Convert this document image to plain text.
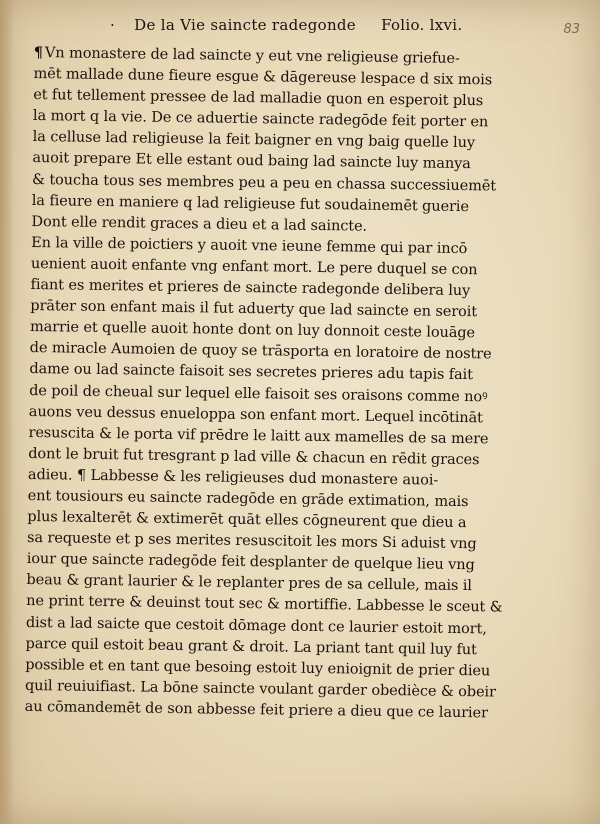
83
· De la Vie saincte radegonde Folio. lxvi.
¶ Vn monastere de lad saincte y eut vne religieuse griefue-
mēt mallade dune fieure esgue & dāgereuse lespace d six mois
et fut tellement pressee de lad malladie quon en esperoit plus
la mort q la vie. De ce aduertie saincte radegōde feit porter en
la celluse lad religieuse la feit baigner en vng baig quelle luy
auoit prepare Et elle estant oud baing lad saincte luy manya
& toucha tous ses membres peu a peu en chassa successiuemēt
la fieure en maniere q lad religieuse fut soudainemēt guerie
Dont elle rendit graces a dieu et a lad saincte.
En la ville de poictiers y auoit vne ieune femme qui par incō
uenient auoit enfante vng enfant mort. Le pere duquel se con
fiant es merites et prieres de saincte radegonde delibera luy
prāter son enfant mais il fut aduerty que lad saincte en seroit
marrie et quelle auoit honte dont on luy donnoit ceste louāge
de miracle Aumoien de quoy se trāsporta en loratoire de nostre
dame ou lad saincte faisoit ses secretes prieres adu tapis fait
de poil de cheual sur lequel elle faisoit ses oraisons comme noꝰ
auons veu dessus enueloppa son enfant mort. Lequel incōtināt
resuscita & le porta vif prēdre le laitt aux mamelles de sa mere
dont le bruit fut tresgrant p lad ville & chacun en rēdit graces
adieu. ¶ Labbesse & les religieuses dud monastere auoi-
ent tousiours eu saincte radegōde en grāde extimation, mais
plus lexalterēt & extimerēt quāt elles cōgneurent que dieu a
sa requeste et p ses merites resuscitoit les mors Si aduist vng
iour que saincte radegōde feit desplanter de quelque lieu vng
beau & grant laurier & le replanter pres de sa cellule, mais il
ne print terre & deuinst tout sec & mortiffie. Labbesse le sceut &
dist a lad saicte que cestoit dōmage dont ce laurier estoit mort,
parce quil estoit beau grant & droit. La priant tant quil luy fut
possible et en tant que besoing estoit luy enioignit de prier dieu
quil reuiuifiast. La bōne saincte voulant garder obedièce & obeir
au cōmandemēt de son abbesse feit priere a dieu que ce laurier
